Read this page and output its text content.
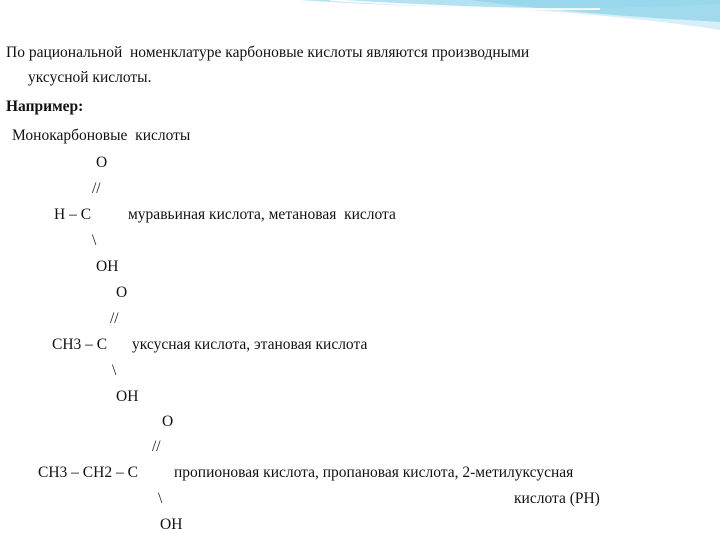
По рациональной  номенклатуре карбоновые кислоты являются производными
уксусной кислоты.
Например:
Монокарбоновые  кислоты
О
//
Н – С муравьиная кислота, метановая  кислота
\
ОН
О
//
СН3 – С уксусная кислота, этановая кислота
\
ОН
О
//
СН3 – СН2 – С пропионовая кислота, пропановая кислота, 2-метилуксусная
\	кислота (РН)
ОН
